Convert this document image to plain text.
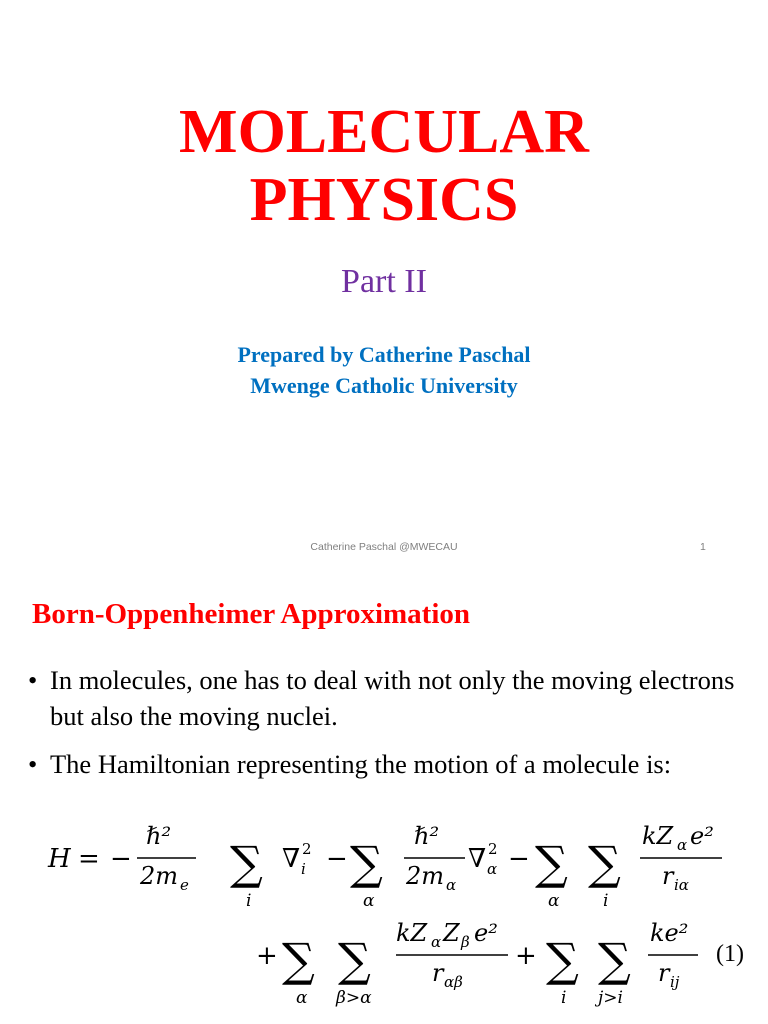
MOLECULAR
PHYSICS
Part II
Prepared by Catherine Paschal
Mwenge Catholic University
Catherine Paschal @MWECAU	1
Born-Oppenheimer Approximation
• In molecules, one has to deal with not only the moving electrons but also the moving nuclei.
• The Hamiltonian representing the motion of a molecule is:
H = −
ℏ²
2m e ∑
i
∇ 2
i − ∑
α
ℏ²
2m α
∇ 2
α − ∑
α
∑
i
kZ α e²
r iα
+ ∑
α
∑
β>α
kZ α Z β e²
r αβ
+ ∑
i
∑
j>i
ke²
r ij
(1)
